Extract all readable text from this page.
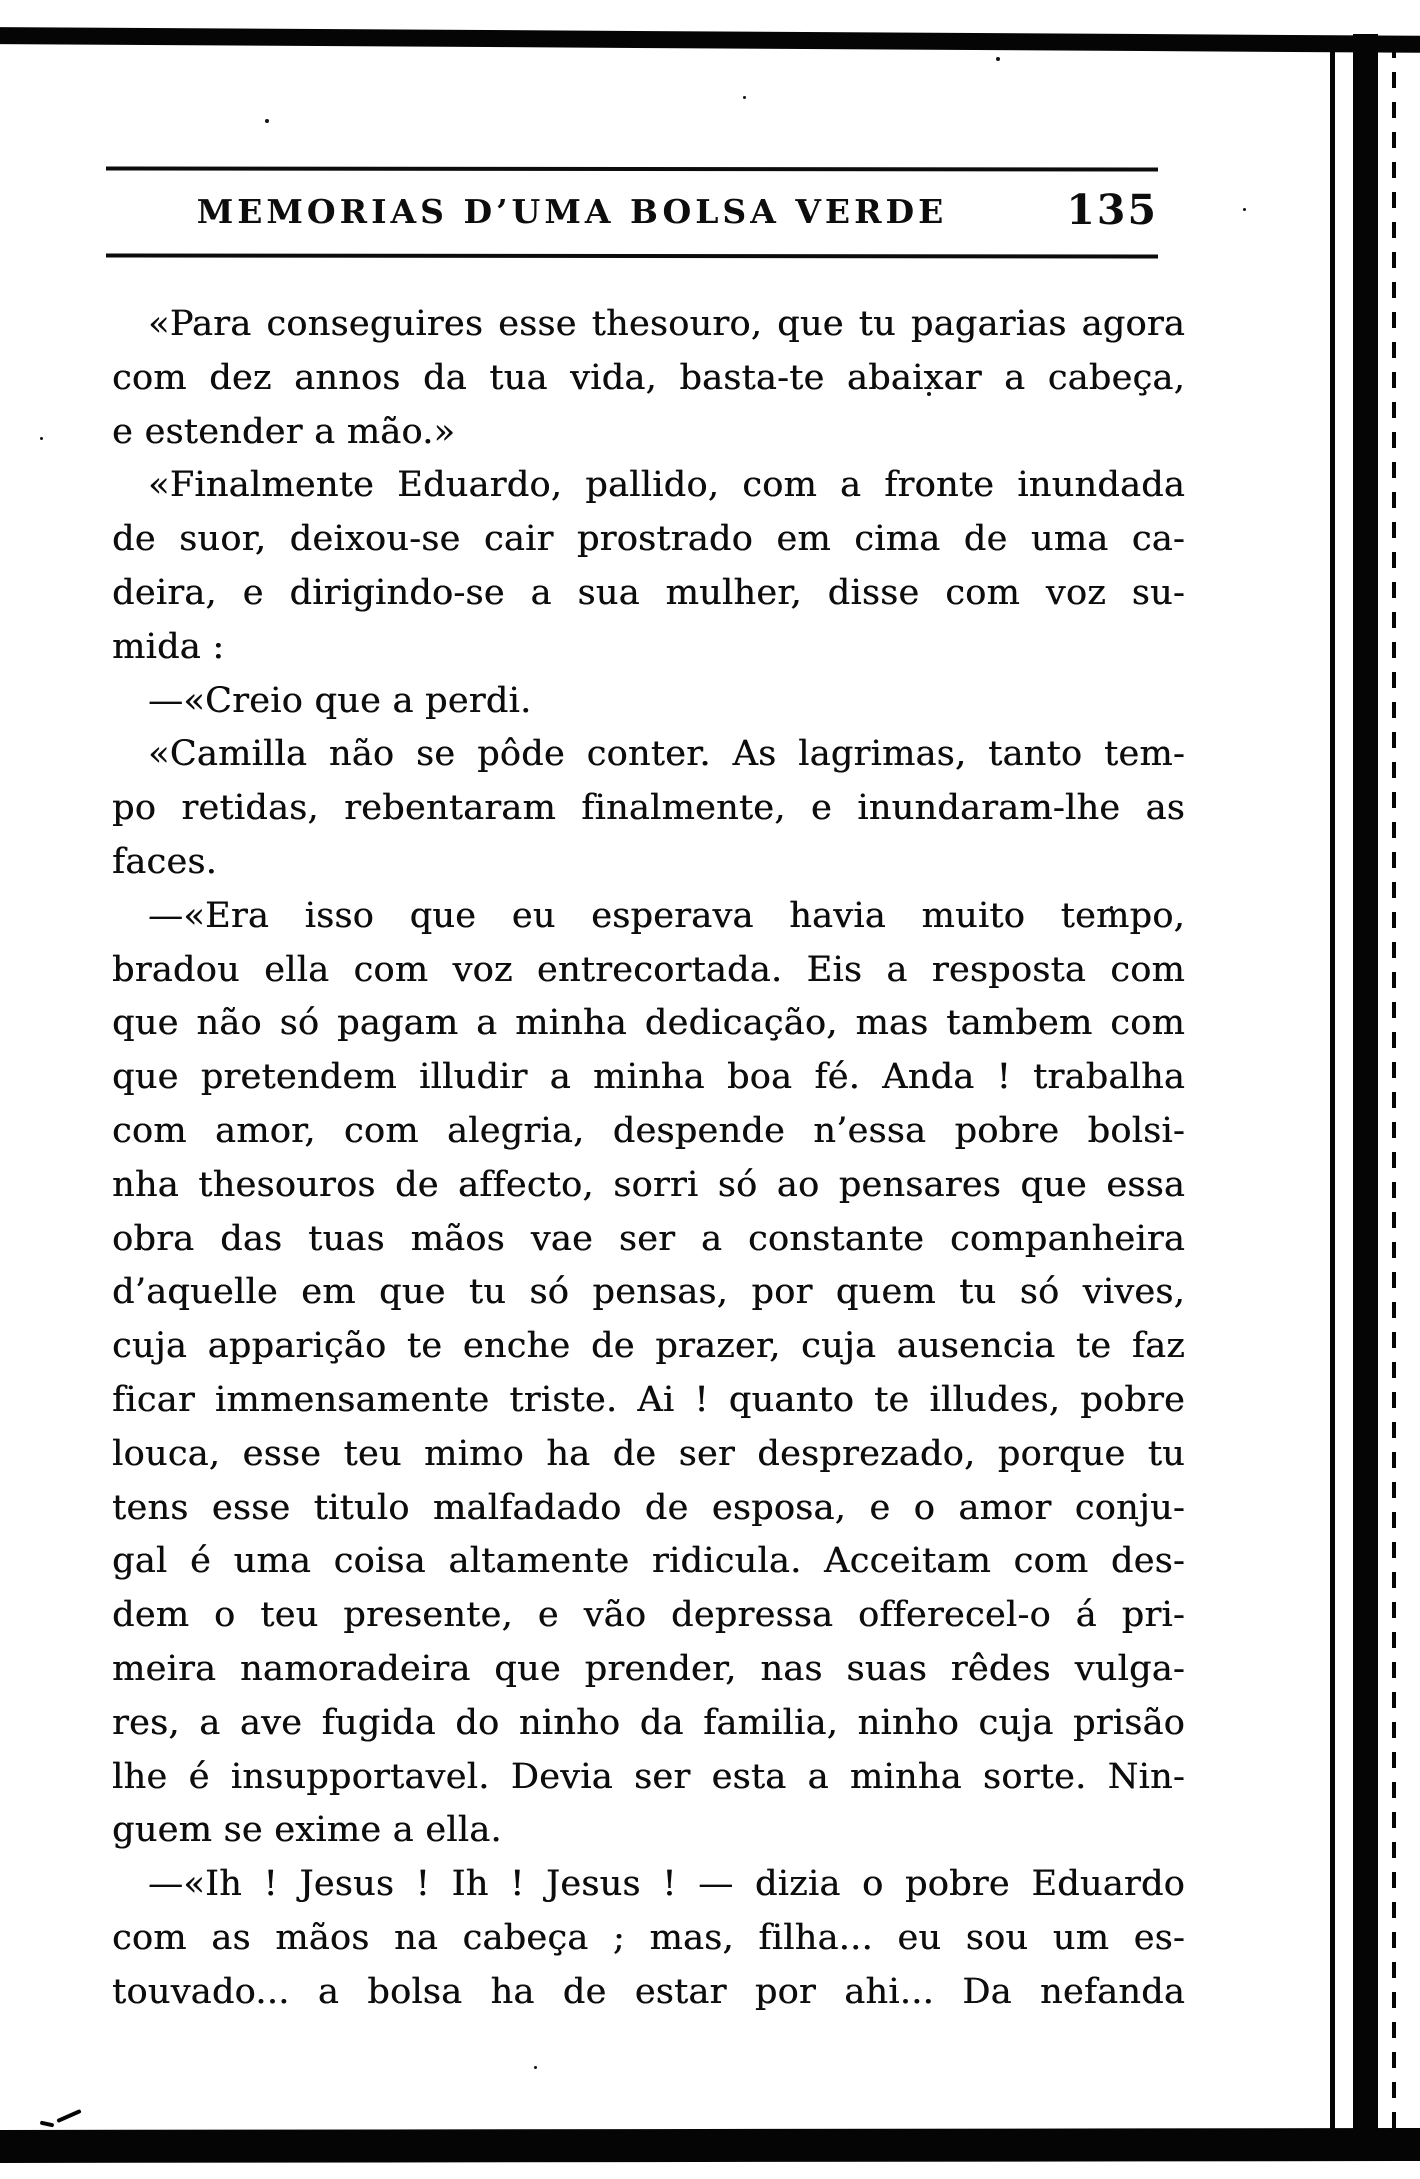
MEMORIAS D’UMA BOLSA VERDE	135
«Para conseguires esse thesouro, que tu pagarias agora
com dez annos da tua vida, basta-te abaixar a cabeça,
e estender a mão.»
«Finalmente Eduardo, pallido, com a fronte inundada
de suor, deixou-se cair prostrado em cima de uma ca-
deira, e dirigindo-se a sua mulher, disse com voz su-
mida :
—«Creio que a perdi.
«Camilla não se pôde conter. As lagrimas, tanto tem-
po retidas, rebentaram finalmente, e inundaram-lhe as
faces.
—«Era isso que eu esperava havia muito tempo,
bradou ella com voz entrecortada. Eis a resposta com
que não só pagam a minha dedicação, mas tambem com
que pretendem illudir a minha boa fé. Anda ! trabalha
com amor, com alegria, despende n’essa pobre bolsi-
nha thesouros de affecto, sorri só ao pensares que essa
obra das tuas mãos vae ser a constante companheira
d’aquelle em que tu só pensas, por quem tu só vives,
cuja apparição te enche de prazer, cuja ausencia te faz
ficar immensamente triste. Ai ! quanto te illudes, pobre
louca, esse teu mimo ha de ser desprezado, porque tu
tens esse titulo malfadado de esposa, e o amor conju-
gal é uma coisa altamente ridicula. Acceitam com des-
dem o teu presente, e vão depressa offerecel-o á pri-
meira namoradeira que prender, nas suas rêdes vulga-
res, a ave fugida do ninho da familia, ninho cuja prisão
lhe é insupportavel. Devia ser esta a minha sorte. Nin-
guem se exime a ella.
—«Ih ! Jesus ! Ih ! Jesus ! — dizia o pobre Eduardo
com as mãos na cabeça ; mas, filha... eu sou um es-
touvado... a bolsa ha de estar por ahi... Da nefanda
